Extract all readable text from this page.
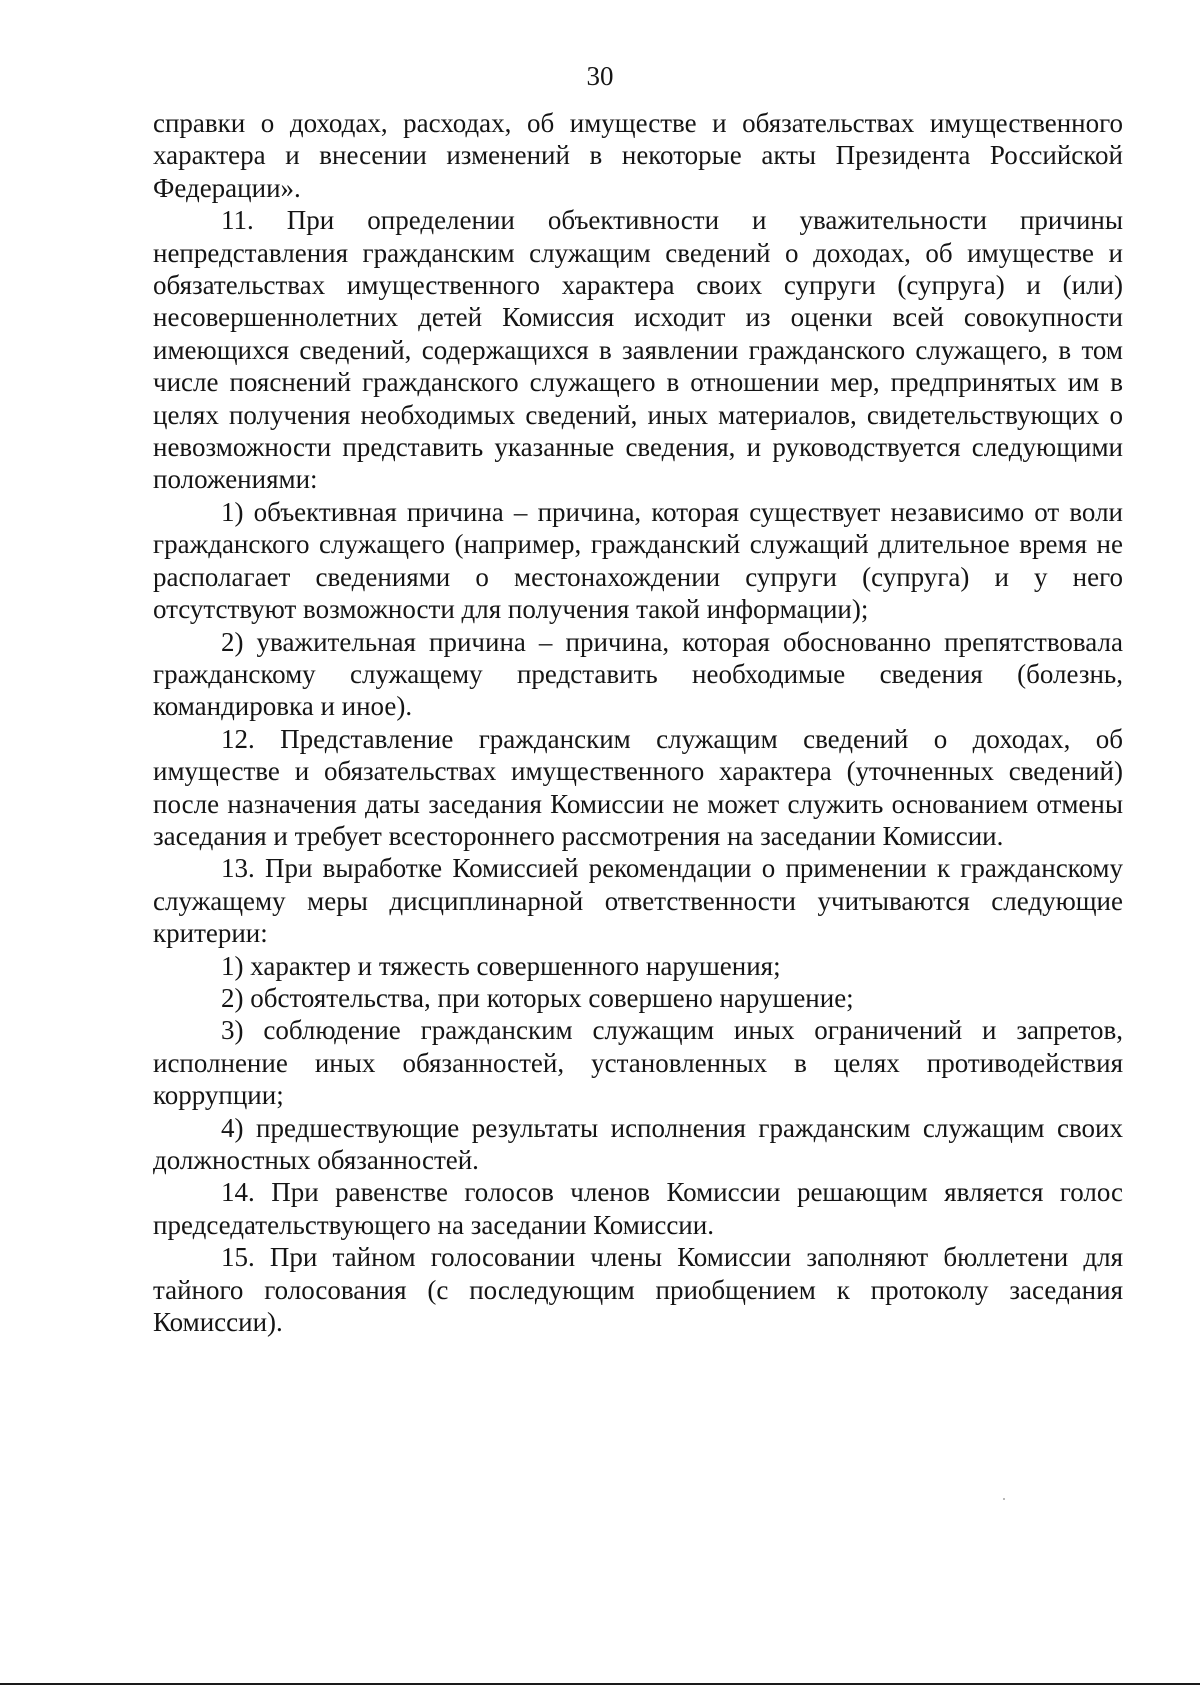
30

справки о доходах, расходах, об имуществе и обязательствах имущественного характера и внесении изменений в некоторые акты Президента Российской Федерации».

11. При определении объективности и уважительности причины непредставления гражданским служащим сведений о доходах, об имуществе и обязательствах имущественного характера своих супруги (супруга) и (или) несовершеннолетних детей Комиссия исходит из оценки всей совокупности имеющихся сведений, содержащихся в заявлении гражданского служащего, в том числе пояснений гражданского служащего в отношении мер, предпринятых им в целях получения необходимых сведений, иных материалов, свидетельствующих о невозможности представить указанные сведения, и руководствуется следующими положениями:

1) объективная причина – причина, которая существует независимо от воли гражданского служащего (например, гражданский служащий длительное время не располагает сведениями о местонахождении супруги (супруга) и у него отсутствуют возможности для получения такой информации);

2) уважительная причина – причина, которая обоснованно препятствовала гражданскому служащему представить необходимые сведения (болезнь, командировка и иное).

12. Представление гражданским служащим сведений о доходах, об имуществе и обязательствах имущественного характера (уточненных сведений) после назначения даты заседания Комиссии не может служить основанием отмены заседания и требует всестороннего рассмотрения на заседании Комиссии.

13. При выработке Комиссией рекомендации о применении к гражданскому служащему меры дисциплинарной ответственности учитываются следующие критерии:

1) характер и тяжесть совершенного нарушения;

2) обстоятельства, при которых совершено нарушение;

3) соблюдение гражданским служащим иных ограничений и запретов, исполнение иных обязанностей, установленных в целях противодействия коррупции;

4) предшествующие результаты исполнения гражданским служащим своих должностных обязанностей.

14. При равенстве голосов членов Комиссии решающим является голос председательствующего на заседании Комиссии.

15. При тайном голосовании члены Комиссии заполняют бюллетени для тайного голосования (с последующим приобщением к протоколу заседания Комиссии).
